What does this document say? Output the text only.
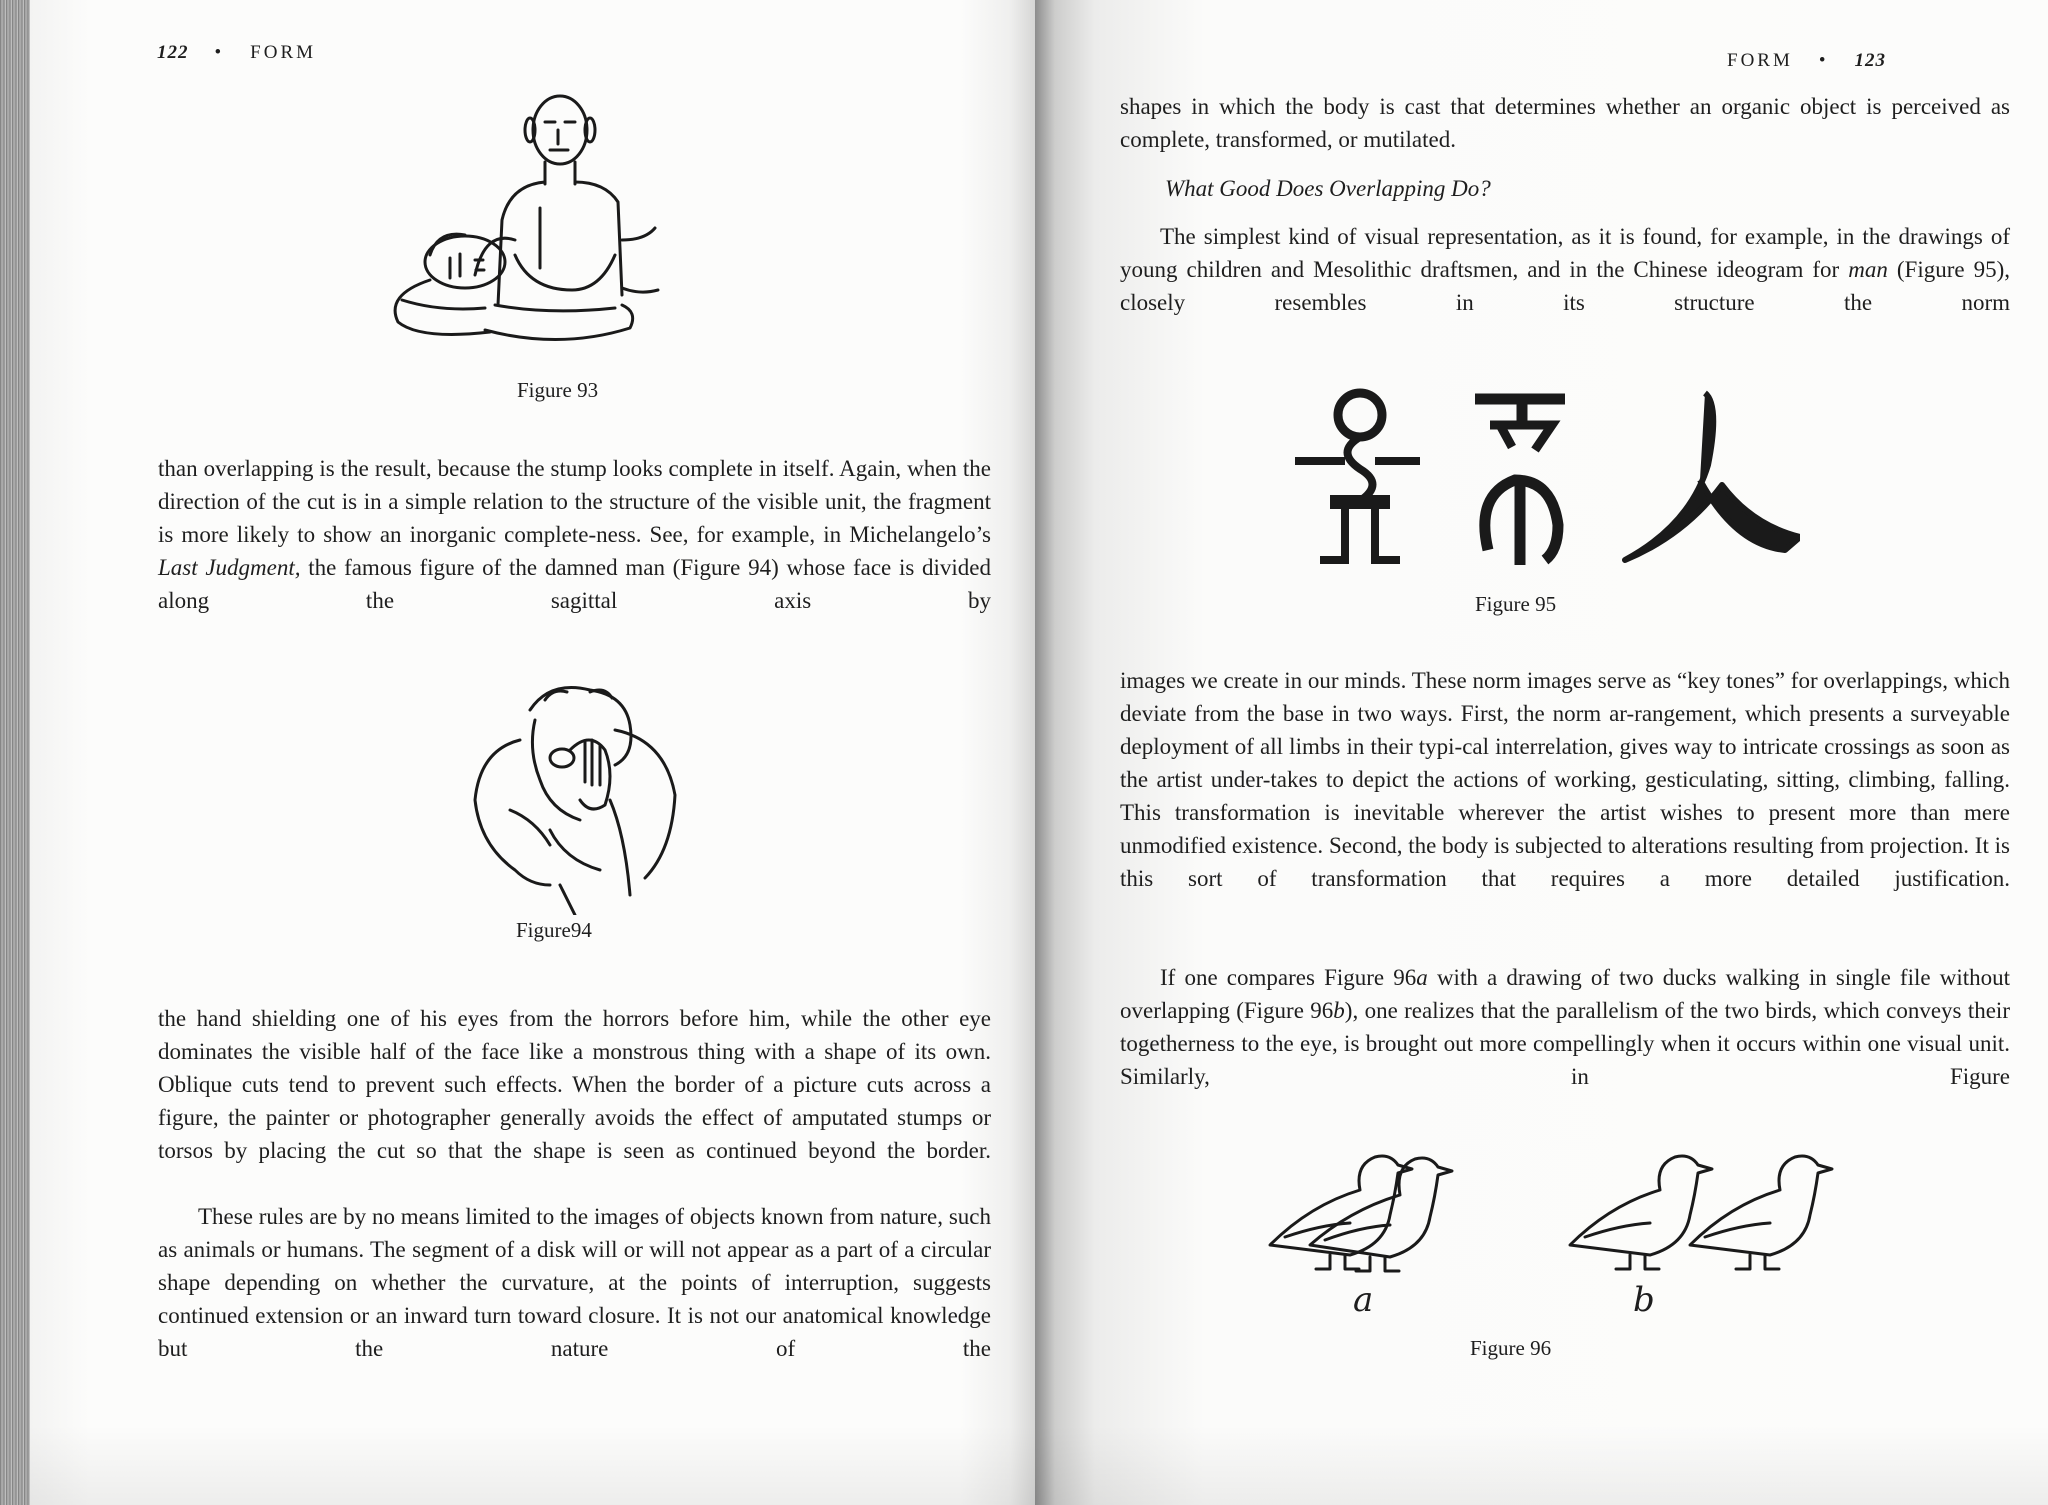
122 • FORM

Figure 93

than overlapping is the result, because the stump looks complete in itself. Again, when the direction of the cut is in a simple relation to the structure of the visible unit, the fragment is more likely to show an inorganic complete-ness. See, for example, in Michelangelo’s Last Judgment, the famous figure of the damned man (Figure 94) whose face is divided along the sagittal axis by

Figure94

the hand shielding one of his eyes from the horrors before him, while the other eye dominates the visible half of the face like a monstrous thing with a shape of its own. Oblique cuts tend to prevent such effects. When the border of a picture cuts across a figure, the painter or photographer generally avoids the effect of amputated stumps or torsos by placing the cut so that the shape is seen as continued beyond the border.

These rules are by no means limited to the images of objects known from nature, such as animals or humans. The segment of a disk will or will not appear as a part of a circular shape depending on whether the curvature, at the points of interruption, suggests continued extension or an inward turn toward closure. It is not our anatomical knowledge but the nature of the

FORM • 123

shapes in which the body is cast that determines whether an organic object is perceived as complete, transformed, or mutilated.

What Good Does Overlapping Do?

The simplest kind of visual representation, as it is found, for example, in the drawings of young children and Mesolithic draftsmen, and in the Chinese ideogram for man (Figure 95), closely resembles in its structure the norm

Figure 95

images we create in our minds. These norm images serve as “key tones” for overlappings, which deviate from the base in two ways. First, the norm ar-rangement, which presents a surveyable deployment of all limbs in their typi-cal interrelation, gives way to intricate crossings as soon as the artist under-takes to depict the actions of working, gesticulating, sitting, climbing, falling. This transformation is inevitable wherever the artist wishes to present more than mere unmodified existence. Second, the body is subjected to alterations resulting from projection. It is this sort of transformation that requires a more detailed justification.

If one compares Figure 96a with a drawing of two ducks walking in single file without overlapping (Figure 96b), one realizes that the parallelism of the two birds, which conveys their togetherness to the eye, is brought out more compellingly when it occurs within one visual unit. Similarly, in Figure

a	b

Figure 96
